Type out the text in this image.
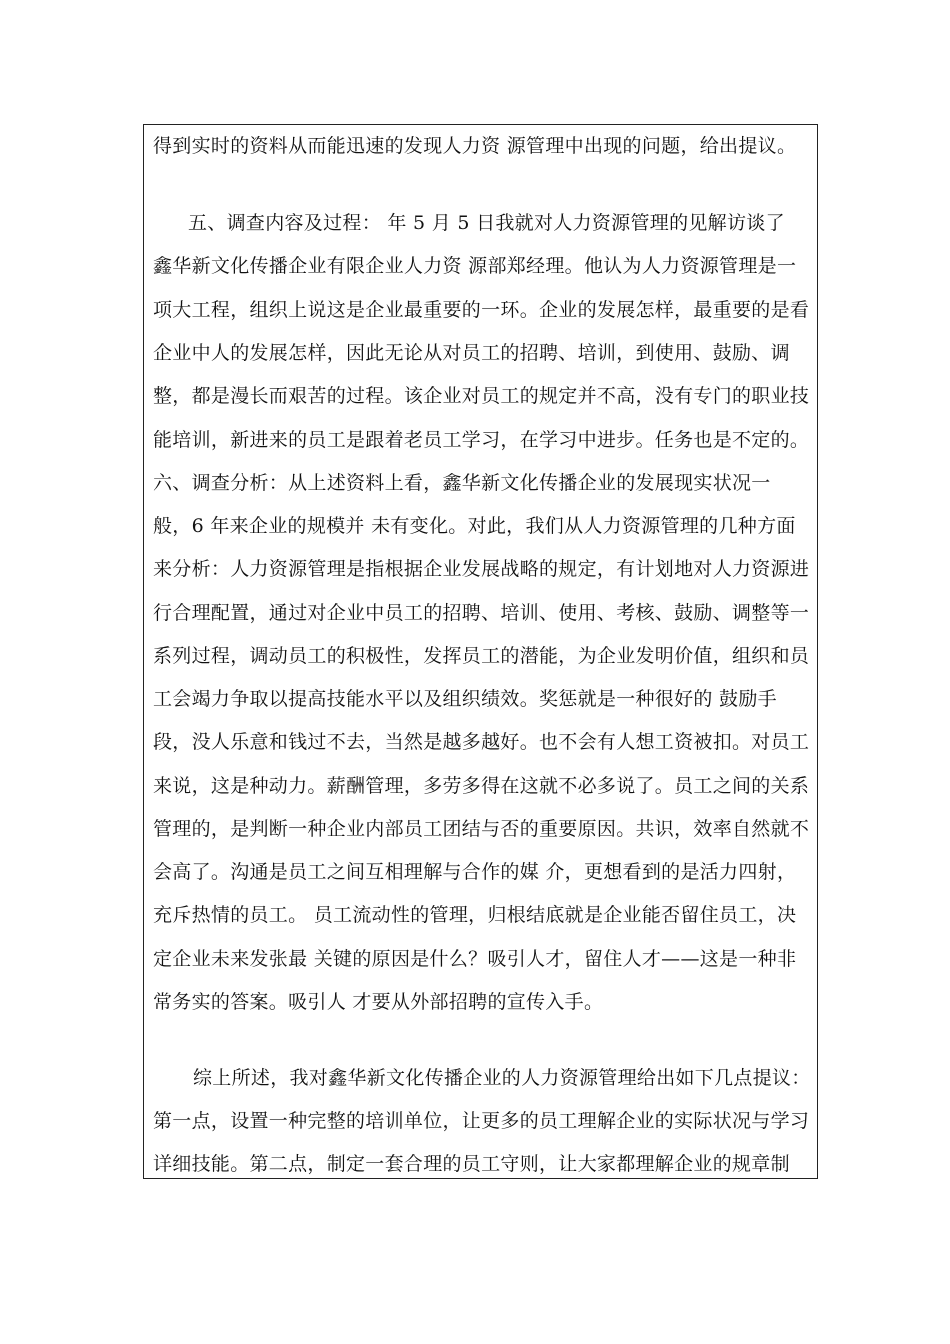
得到实时的资料从而能迅速的发现人力资 源管理中出现的问题，给出提议。
五、调查内容及过程： 年 5 月 5 日我就对人力资源管理的见解访谈了
鑫华新文化传播企业有限企业人力资 源部郑经理。他认为人力资源管理是一
项大工程，组织上说这是企业最重要的一环。企业的发展怎样，最重要的是看
企业中人的发展怎样，因此无论从对员工的招聘、培训，到使用、鼓励、调
整，都是漫长而艰苦的过程。该企业对员工的规定并不高，没有专门的职业技
能培训，新进来的员工是跟着老员工学习，在学习中进步。任务也是不定的。
六、调查分析：从上述资料上看，鑫华新文化传播企业的发展现实状况一
般，6 年来企业的规模并 未有变化。对此，我们从人力资源管理的几种方面
来分析：人力资源管理是指根据企业发展战略的规定，有计划地对人力资源进
行合理配置，通过对企业中员工的招聘、培训、使用、考核、鼓励、调整等一
系列过程，调动员工的积极性，发挥员工的潜能，为企业发明价值，组织和员
工会竭力争取以提高技能水平以及组织绩效。奖惩就是一种很好的 鼓励手
段，没人乐意和钱过不去，当然是越多越好。也不会有人想工资被扣。对员工
来说，这是种动力。薪酬管理，多劳多得在这就不必多说了。员工之间的关系
管理的，是判断一种企业内部员工团结与否的重要原因。共识，效率自然就不
会高了。沟通是员工之间互相理解与合作的媒 介，更想看到的是活力四射，
充斥热情的员工。 员工流动性的管理，归根结底就是企业能否留住员工，决
定企业未来发张最 关键的原因是什么？吸引人才，留住人才——这是一种非
常务实的答案。吸引人 才要从外部招聘的宣传入手。
综上所述，我对鑫华新文化传播企业的人力资源管理给出如下几点提议：
第一点，设置一种完整的培训单位，让更多的员工理解企业的实际状况与学习
详细技能。第二点，制定一套合理的员工守则，让大家都理解企业的规章制
